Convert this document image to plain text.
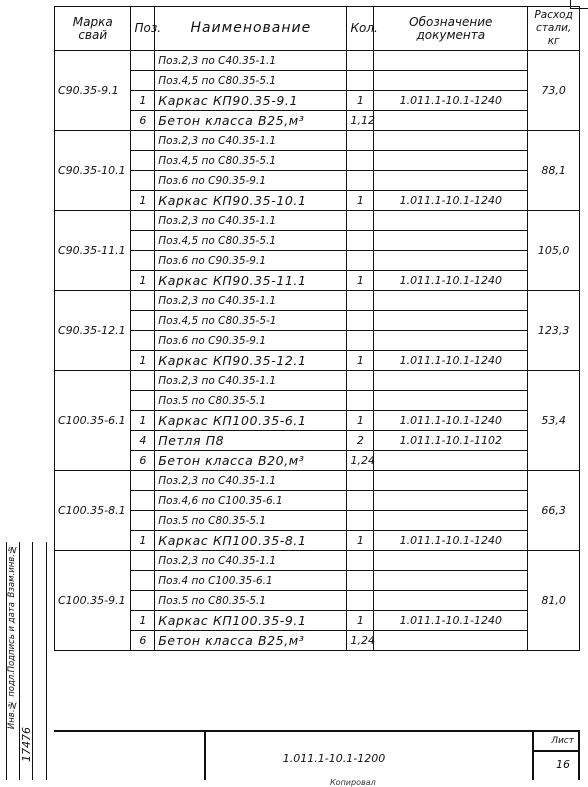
Марка свай	Поз.	Наименование	Кол.	Обозначение документа	Расход стали, кг
С90.35-9.1		Поз.2,3 по С40.35-1.1			73,0
		Поз.4,5 по С80.35-5.1			
	1	Каркас КП90.35-9.1	1	1.011.1-10.1-1240	
	6	Бетон класса В25,м³	1,12		
С90.35-10.1		Поз.2,3 по С40.35-1.1			88,1
		Поз.4,5 по С80.35-5.1			
		Поз.6 по С90.35-9.1			
	1	Каркас КП90.35-10.1	1	1.011.1-10.1-1240	
С90.35-11.1		Поз.2,3 по С40.35-1.1			105,0
		Поз.4,5 по С80.35-5.1			
		Поз.6 по С90.35-9.1			
	1	Каркас КП90.35-11.1	1	1.011.1-10.1-1240	
С90.35-12.1		Поз.2,3 по С40.35-1.1			123,3
		Поз.4,5 по С80.35-5-1			
		Поз.6 по С90.35-9.1			
	1	Каркас КП90.35-12.1	1	1.011.1-10.1-1240	
С100.35-6.1		Поз.2,3 по С40.35-1.1			53,4
		Поз.5 по С80.35-5.1			
	1	Каркас КП100.35-6.1	1	1.011.1-10.1-1240	
	4	Петля П8	2	1.011.1-10.1-1102	
	6	Бетон класса В20,м³	1,24		
С100.35-8.1		Поз.2,3 по С40.35-1.1			66,3
		Поз.4,6 по С100.35-6.1			
		Поз.5 по С80.35-5.1			
	1	Каркас КП100.35-8.1	1	1.011.1-10.1-1240	
С100.35-9.1		Поз.2,3 по С40.35-1.1			81,0
		Поз.4 по С100.35-6.1			
		Поз.5 по С80.35-5.1			
	1	Каркас КП100.35-9.1	1	1.011.1-10.1-1240	
	6	Бетон класса В25,м³	1,24		
1.011.1-10.1-1200
Лист
16
Инв.№ подл.
Подпись и дата
Взам.инв.№
17476
Копировал
